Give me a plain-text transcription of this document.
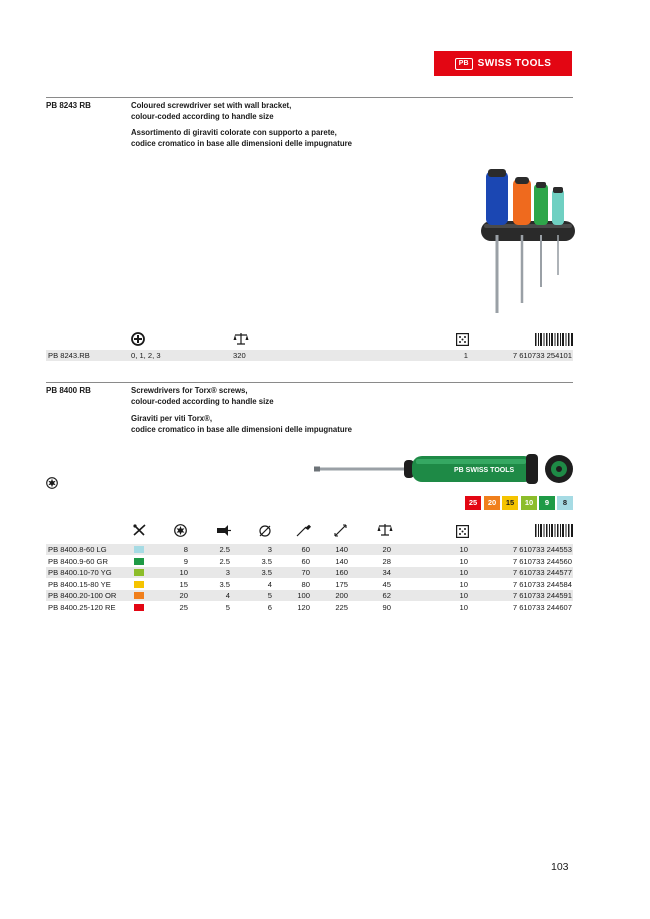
PB SWISS TOOLS
PB 8243 RB	Coloured screwdriver set with wall bracket,
colour-coded according to handle size
Assortimento di giraviti colorate con supporto a parete,
codice cromatico in base alle dimensioni delle impugnature
PB 8243.RB	0, 1, 2, 3	320	1	7 610733 254101
PB 8400 RB	Screwdrivers for Torx® screws,
colour-coded according to handle size
Giraviti per viti Torx®,
codice cromatico in base alle dimensioni delle impugnature
PB SWISS TOOLS
25	20	15	10	9	8
PB 8400.8-60 LG	8	2.5	3	60	140	20	10	7 610733 244553
PB 8400.9-60 GR	9	2.5	3.5	60	140	28	10	7 610733 244560
PB 8400.10-70 YG	10	3	3.5	70	160	34	10	7 610733 244577
PB 8400.15-80 YE	15	3.5	4	80	175	45	10	7 610733 244584
PB 8400.20-100 OR	20	4	5	100	200	62	10	7 610733 244591
PB 8400.25-120 RE	25	5	6	120	225	90	10	7 610733 244607
103
